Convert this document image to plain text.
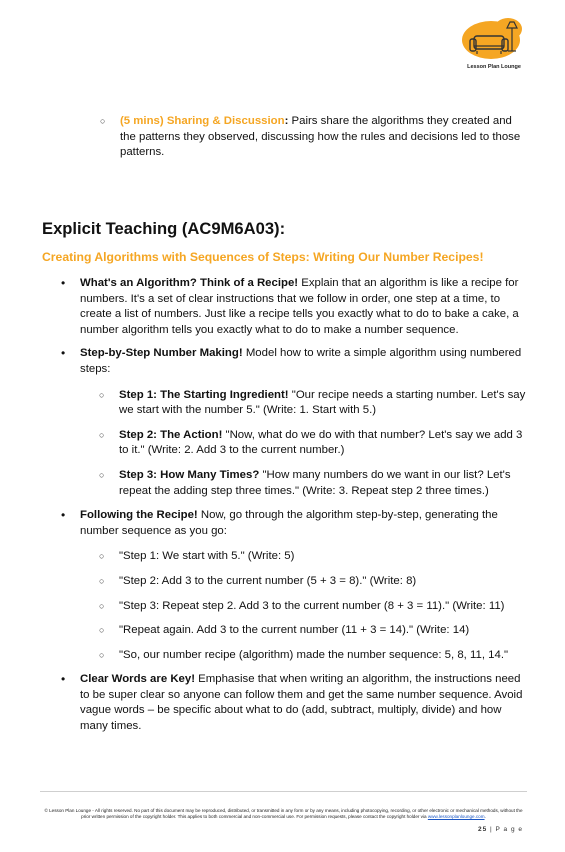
Lesson Plan Lounge
○ (5 mins) Sharing & Discussion: Pairs share the algorithms they created and the patterns they observed, discussing how the rules and decisions led to those patterns.
Explicit Teaching (AC9M6A03):
Creating Algorithms with Sequences of Steps: Writing Our Number Recipes!
• What's an Algorithm? Think of a Recipe! Explain that an algorithm is like a recipe for numbers. It's a set of clear instructions that we follow in order, one step at a time, to create a list of numbers. Just like a recipe tells you exactly what to do to bake a cake, a number algorithm tells you exactly what to do to make a number sequence.
• Step-by-Step Number Making! Model how to write a simple algorithm using numbered steps:
○ Step 1: The Starting Ingredient! "Our recipe needs a starting number. Let's say we start with the number 5." (Write: 1. Start with 5.)
○ Step 2: The Action! "Now, what do we do with that number? Let's say we add 3 to it." (Write: 2. Add 3 to the current number.)
○ Step 3: How Many Times? "How many numbers do we want in our list? Let's repeat the adding step three times." (Write: 3. Repeat step 2 three times.)
• Following the Recipe! Now, go through the algorithm step-by-step, generating the number sequence as you go:
○ "Step 1: We start with 5." (Write: 5)
○ "Step 2: Add 3 to the current number (5 + 3 = 8)." (Write: 8)
○ "Step 3: Repeat step 2. Add 3 to the current number (8 + 3 = 11)." (Write: 11)
○ "Repeat again. Add 3 to the current number (11 + 3 = 14)." (Write: 14)
○ "So, our number recipe (algorithm) made the number sequence: 5, 8, 11, 14."
• Clear Words are Key! Emphasise that when writing an algorithm, the instructions need to be super clear so anyone can follow them and get the same number sequence. Avoid vague words – be specific about what to do (add, subtract, multiply, divide) and how many times.
© Lesson Plan Lounge - All rights reserved. No part of this document may be reproduced, distributed, or transmitted in any form or by any means, including photocopying, recording, or other electronic or mechanical methods, without the prior written permission of the copyright holder. This applies to both commercial and non-commercial use. For permission requests, please contact the copyright holder via www.lessonplanlounge.com.
25 | P a g e
